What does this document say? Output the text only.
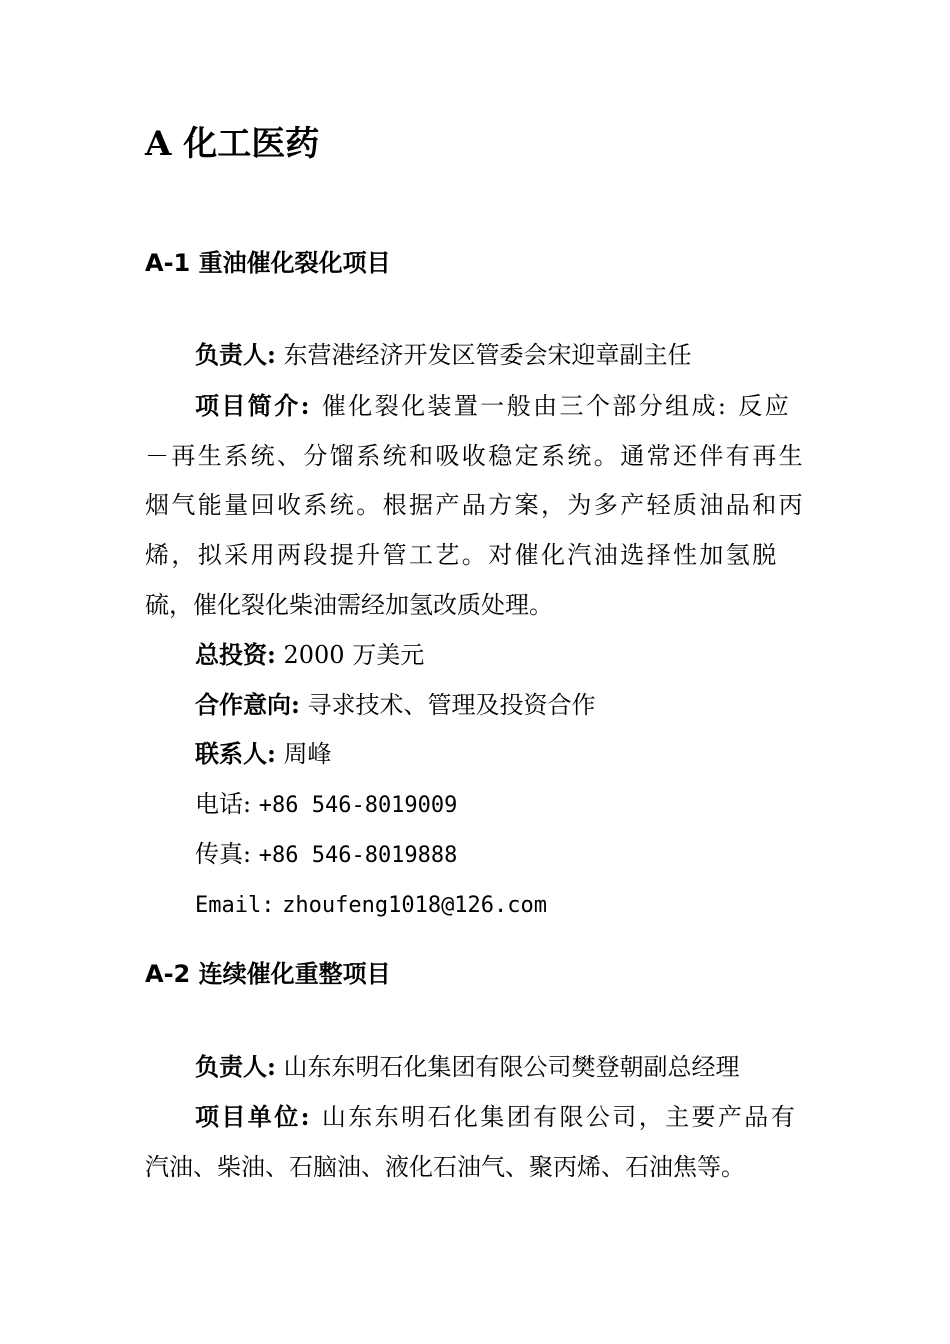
A 化工医药
A-1 重油催化裂化项目

负责人: 东营港经济开发区管委会宋迎章副主任

项目简介: 催化裂化装置一般由三个部分组成: 反应

－再生系统、分馏系统和吸收稳定系统。通常还伴有再生

烟气能量回收系统。根据产品方案，为多产轻质油品和丙

烯，拟采用两段提升管工艺。对催化汽油选择性加氢脱

硫，催化裂化柴油需经加氢改质处理。

总投资: 2000 万美元

合作意向: 寻求技术、管理及投资合作

联系人: 周峰

电话: +86 546-8019009

传真: +86 546-8019888

Email: zhoufeng1018@126.com

A-2 连续催化重整项目

负责人: 山东东明石化集团有限公司樊登朝副总经理

项目单位: 山东东明石化集团有限公司，主要产品有

汽油、柴油、石脑油、液化石油气、聚丙烯、石油焦等。
